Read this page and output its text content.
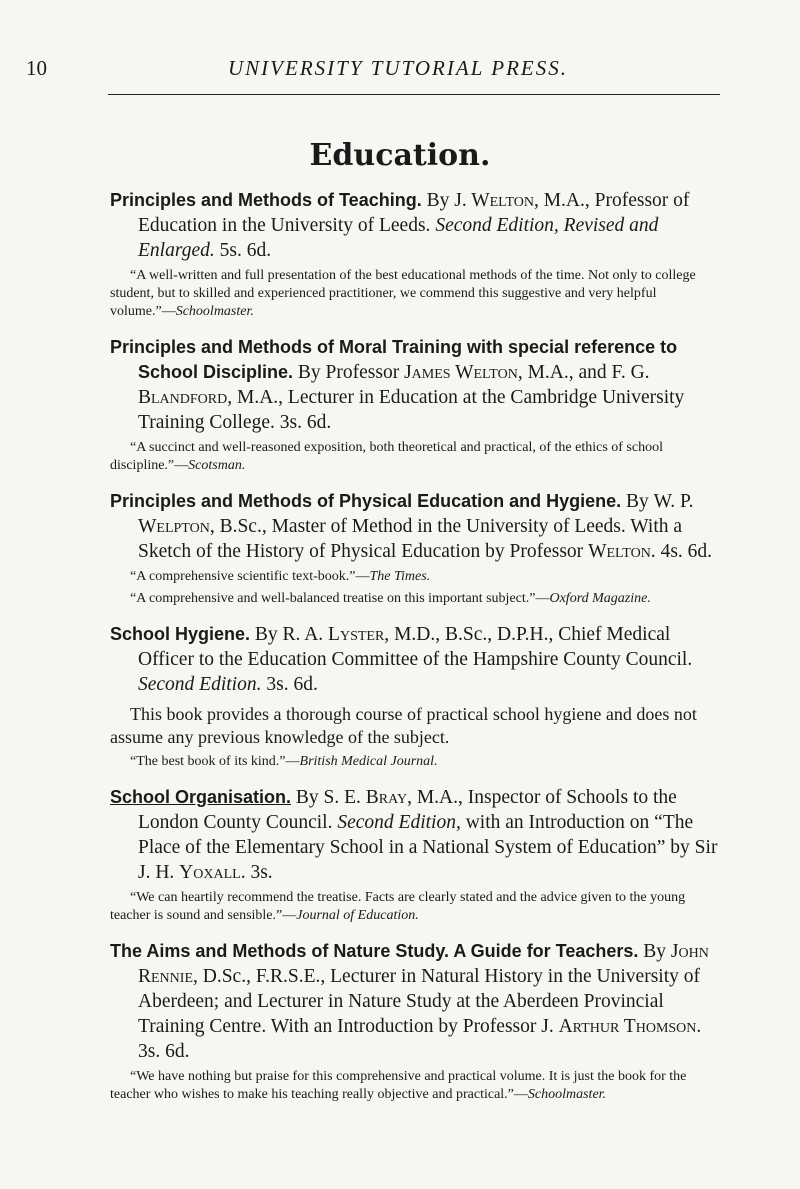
10	UNIVERSITY TUTORIAL PRESS.
Education.
Principles and Methods of Teaching. By J. Welton, M.A., Professor of Education in the University of Leeds. Second Edition, Revised and Enlarged. 5s. 6d.
“A well-written and full presentation of the best educational methods of the time. Not only to college student, but to skilled and experienced practitioner, we commend this suggestive and very helpful volume.”—Schoolmaster.
Principles and Methods of Moral Training with special reference to School Discipline. By Professor James Welton, M.A., and F. G. Blandford, M.A., Lecturer in Education at the Cambridge University Training College. 3s. 6d.
“A succinct and well-reasoned exposition, both theoretical and practical, of the ethics of school discipline.”—Scotsman.
Principles and Methods of Physical Education and Hygiene. By W. P. Welpton, B.Sc., Master of Method in the University of Leeds. With a Sketch of the History of Physical Education by Professor Welton. 4s. 6d.
“A comprehensive scientific text-book.”—The Times.
“A comprehensive and well-balanced treatise on this important subject.”—Oxford Magazine.
School Hygiene. By R. A. Lyster, M.D., B.Sc., D.P.H., Chief Medical Officer to the Education Committee of the Hampshire County Council. Second Edition. 3s. 6d.
This book provides a thorough course of practical school hygiene and does not assume any previous knowledge of the subject.
“The best book of its kind.”—British Medical Journal.
School Organisation. By S. E. Bray, M.A., Inspector of Schools to the London County Council. Second Edition, with an Introduction on “The Place of the Elementary School in a National System of Education” by Sir J. H. Yoxall. 3s.
“We can heartily recommend the treatise. Facts are clearly stated and the advice given to the young teacher is sound and sensible.”—Journal of Education.
The Aims and Methods of Nature Study. A Guide for Teachers. By John Rennie, D.Sc., F.R.S.E., Lecturer in Natural History in the University of Aberdeen; and Lecturer in Nature Study at the Aberdeen Provincial Training Centre. With an Introduction by Professor J. Arthur Thomson. 3s. 6d.
“We have nothing but praise for this comprehensive and practical volume. It is just the book for the teacher who wishes to make his teaching really objective and practical.”—Schoolmaster.
